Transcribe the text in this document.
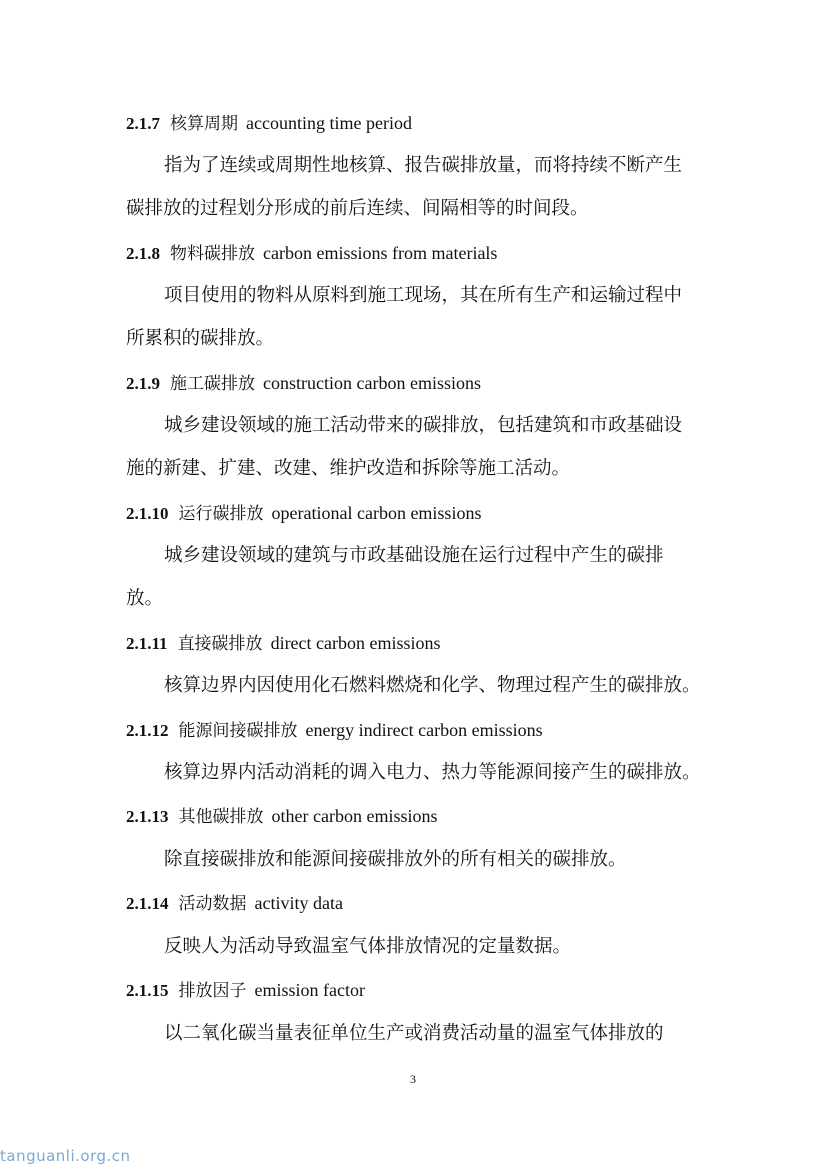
2.1.7 核算周期 accounting time period
指为了连续或周期性地核算、报告碳排放量，而将持续不断产生
碳排放的过程划分形成的前后连续、间隔相等的时间段。
2.1.8 物料碳排放 carbon emissions from materials
项目使用的物料从原料到施工现场，其在所有生产和运输过程中
所累积的碳排放。
2.1.9 施工碳排放 construction carbon emissions
城乡建设领域的施工活动带来的碳排放，包括建筑和市政基础设
施的新建、扩建、改建、维护改造和拆除等施工活动。
2.1.10 运行碳排放 operational carbon emissions
城乡建设领域的建筑与市政基础设施在运行过程中产生的碳排
放。
2.1.11 直接碳排放 direct carbon emissions
核算边界内因使用化石燃料燃烧和化学、物理过程产生的碳排放。
2.1.12 能源间接碳排放 energy indirect carbon emissions
核算边界内活动消耗的调入电力、热力等能源间接产生的碳排放。
2.1.13 其他碳排放 other carbon emissions
除直接碳排放和能源间接碳排放外的所有相关的碳排放。
2.1.14 活动数据 activity data
反映人为活动导致温室气体排放情况的定量数据。
2.1.15 排放因子 emission factor
以二氧化碳当量表征单位生产或消费活动量的温室气体排放的
3
tanguanli.org.cn
